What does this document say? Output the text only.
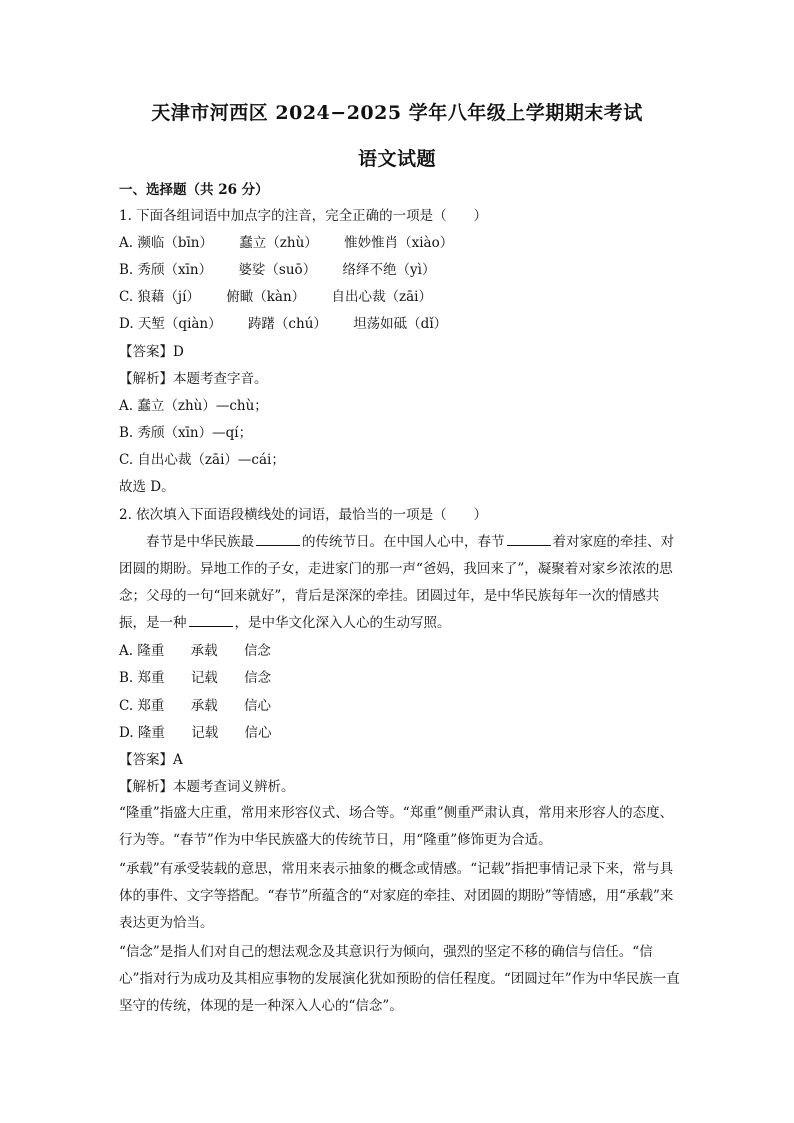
天津市河西区 2024−2025 学年八年级上学期期末考试
语文试题
一、选择题（共 26 分）
1. 下面各组词语中加点字的注音，完全正确的一项是（　　）
A. 濒临（bīn） 蠢立（zhù） 惟妙惟肖（xiào）
B. 秀颀（xīn） 婆娑（suō） 络绎不绝（yì）
C. 狼藉（jí） 俯瞰（kàn） 自出心裁（zāi）
D. 天堑（qiàn） 踌躇（chú） 坦荡如砥（dǐ）
【答案】D
【解析】本题考查字音。
A. 蠢立（zhù）—chù；
B. 秀颀（xīn）—qí；
C. 自出心裁（zāi）—cái；
故选 D。
2. 依次填入下面语段横线处的词语，最恰当的一项是（　　）
春节是中华民族最	的传统节日。在中国人心中，春节	着对家庭的牵挂、对团圆的期盼。异地工作的子女，走进家门的那一声“爸妈，我回来了”，凝聚着对家乡浓浓的思念；父母的一句“回来就好”，背后是深深的牵挂。团圆过年，是中华民族每年一次的情感共振，是一种	，是中华文化深入人心的生动写照。
A. 隆重 承载 信念
B. 郑重 记载 信念
C. 郑重 承载 信心
D. 隆重 记载 信心
【答案】A
【解析】本题考查词义辨析。
“隆重”指盛大庄重，常用来形容仪式、场合等。“郑重”侧重严肃认真，常用来形容人的态度、行为等。“春节”作为中华民族盛大的传统节日，用“隆重”修饰更为合适。
“承载”有承受装载的意思，常用来表示抽象的概念或情感。“记载”指把事情记录下来，常与具体的事件、文字等搭配。“春节”所蕴含的“对家庭的牵挂、对团圆的期盼”等情感，用“承载”来表达更为恰当。
“信念”是指人们对自己的想法观念及其意识行为倾向，强烈的坚定不移的确信与信任。“信心”指对行为成功及其相应事物的发展演化犹如预盼的信任程度。“团圆过年”作为中华民族一直坚守的传统，体现的是一种深入人心的“信念”。
